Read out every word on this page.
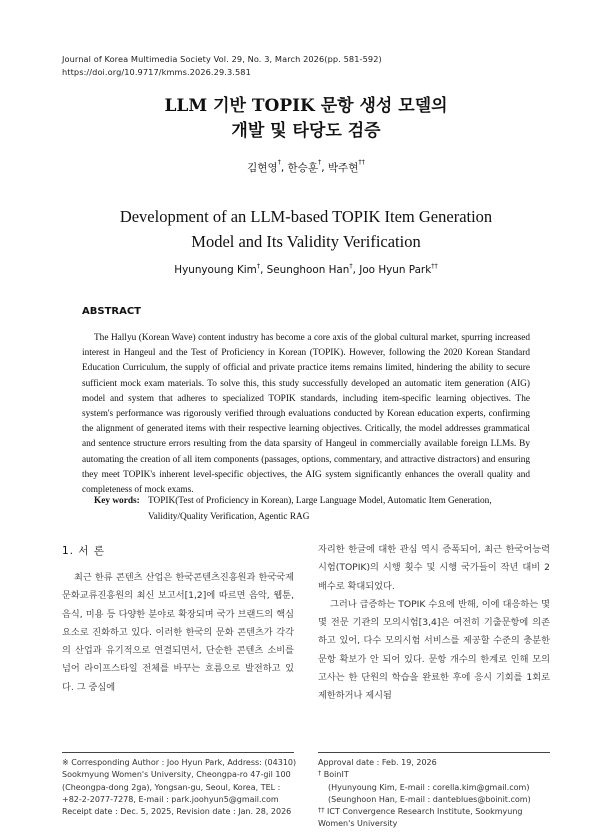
Journal of Korea Multimedia Society Vol. 29, No. 3, March 2026(pp. 581-592)
https://doi.org/10.9717/kmms.2026.29.3.581
LLM 기반 TOPIK 문항 생성 모델의
개발 및 타당도 검증
김현영†, 한승훈†, 박주현††
Development of an LLM-based TOPIK Item Generation
Model and Its Validity Verification
Hyunyoung Kim†, Seunghoon Han†, Joo Hyun Park††
ABSTRACT

The Hallyu (Korean Wave) content industry has become a core axis of the global cultural market, spurring increased interest in Hangeul and the Test of Proficiency in Korean (TOPIK). However, following the 2020 Korean Standard Education Curriculum, the supply of official and private practice items remains limited, hindering the ability to secure sufficient mock exam materials. To solve this, this study successfully developed an automatic item generation (AIG) model and system that adheres to specialized TOPIK standards, including item-specific learning objectives. The system's performance was rigorously verified through evaluations conducted by Korean education experts, confirming the alignment of generated items with their respective learning objectives. Critically, the model addresses grammatical and sentence structure errors resulting from the data sparsity of Hangeul in commercially available foreign LLMs. By automating the creation of all item components (passages, options, commentary, and attractive distractors) and ensuring they meet TOPIK's inherent level-specific objectives, the AIG system significantly enhances the overall quality and completeness of mock exams.

Key words: TOPIK(Test of Proficiency in Korean), Large Language Model, Automatic Item Generation, Validity/Quality Verification, Agentic RAG
1. 서 론

최근 한류 콘텐츠 산업은 한국콘텐츠진흥원과 한국국제문화교류진흥원의 최신 보고서[1,2]에 따르면 음악, 웹툰, 음식, 미용 등 다양한 분야로 확장되며 국가 브랜드의 핵심 요소로 진화하고 있다. 이러한 한국의 문화 콘텐츠가 각각의 산업과 유기적으로 연결되면서, 단순한 콘텐츠 소비를 넘어 라이프스타일 전체를 바꾸는 흐름으로 발전하고 있다. 그 중심에

자리한 한글에 대한 관심 역시 증폭되어, 최근 한국어능력시험(TOPIK)의 시행 횟수 및 시행 국가들이 작년 대비 2배수로 확대되었다.
그러나 급증하는 TOPIK 수요에 반해, 이에 대응하는 몇몇 전문 기관의 모의시험[3,4]은 여전히 기출문항에 의존하고 있어, 다수 모의시험 서비스를 제공할 수준의 충분한 문항 확보가 안 되어 있다. 문항 개수의 한계로 인해 모의고사는 한 단원의 학습을 완료한 후에 응시 기회를 1회로 제한하거나 제시됨
※ Corresponding Author : Joo Hyun Park, Address: (04310) Sookmyung Women's University, Cheongpa-ro 47-gil 100 (Cheongpa-dong 2ga), Yongsan-gu, Seoul, Korea, TEL : +82-2-2077-7278, E-mail : park.joohyun5@gmail.com
Receipt date : Dec. 5, 2025, Revision date : Jan. 28, 2026
Approval date : Feb. 19, 2026
† BoinIT
(Hyunyoung Kim, E-mail : corella.kim@gmail.com)
(Seunghoon Han, E-mail : danteblues@boinit.com)
†† ICT Convergence Research Institute, Sookmyung Women's University
